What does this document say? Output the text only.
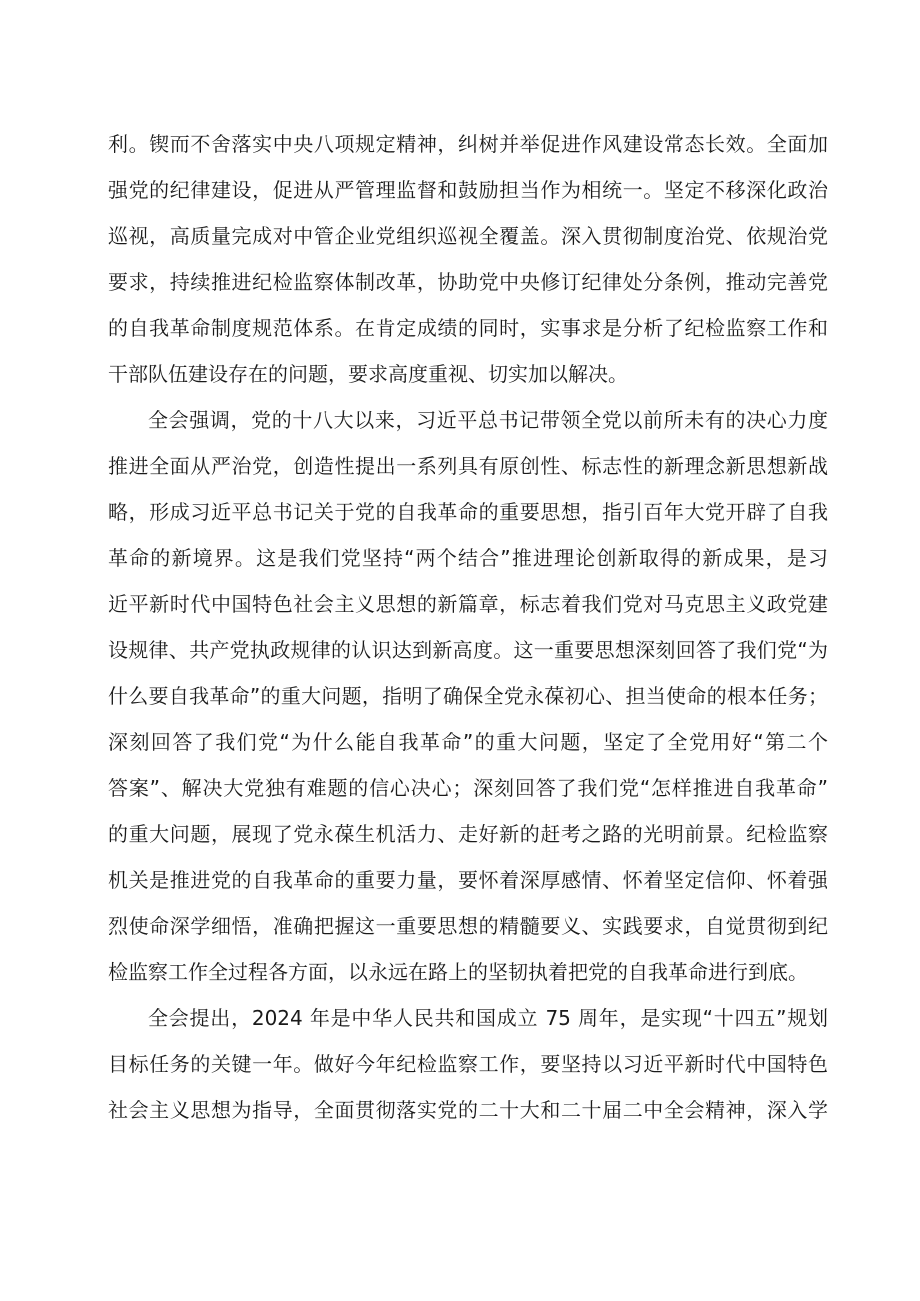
利。锲而不舍落实中央八项规定精神，纠树并举促进作风建设常态长效。全面加
强党的纪律建设，促进从严管理监督和鼓励担当作为相统一。坚定不移深化政治
巡视，高质量完成对中管企业党组织巡视全覆盖。深入贯彻制度治党、依规治党
要求，持续推进纪检监察体制改革，协助党中央修订纪律处分条例，推动完善党
的自我革命制度规范体系。在肯定成绩的同时，实事求是分析了纪检监察工作和
干部队伍建设存在的问题，要求高度重视、切实加以解决。
全会强调，党的十八大以来，习近平总书记带领全党以前所未有的决心力度
推进全面从严治党，创造性提出一系列具有原创性、标志性的新理念新思想新战
略，形成习近平总书记关于党的自我革命的重要思想，指引百年大党开辟了自我
革命的新境界。这是我们党坚持“两个结合”推进理论创新取得的新成果，是习
近平新时代中国特色社会主义思想的新篇章，标志着我们党对马克思主义政党建
设规律、共产党执政规律的认识达到新高度。这一重要思想深刻回答了我们党“为
什么要自我革命”的重大问题，指明了确保全党永葆初心、担当使命的根本任务；
深刻回答了我们党“为什么能自我革命”的重大问题，坚定了全党用好“第二个
答案”、解决大党独有难题的信心决心；深刻回答了我们党“怎样推进自我革命”
的重大问题，展现了党永葆生机活力、走好新的赶考之路的光明前景。纪检监察
机关是推进党的自我革命的重要力量，要怀着深厚感情、怀着坚定信仰、怀着强
烈使命深学细悟，准确把握这一重要思想的精髓要义、实践要求，自觉贯彻到纪
检监察工作全过程各方面，以永远在路上的坚韧执着把党的自我革命进行到底。
全会提出，2024 年是中华人民共和国成立 75 周年，是实现“十四五”规划
目标任务的关键一年。做好今年纪检监察工作，要坚持以习近平新时代中国特色
社会主义思想为指导，全面贯彻落实党的二十大和二十届二中全会精神，深入学
